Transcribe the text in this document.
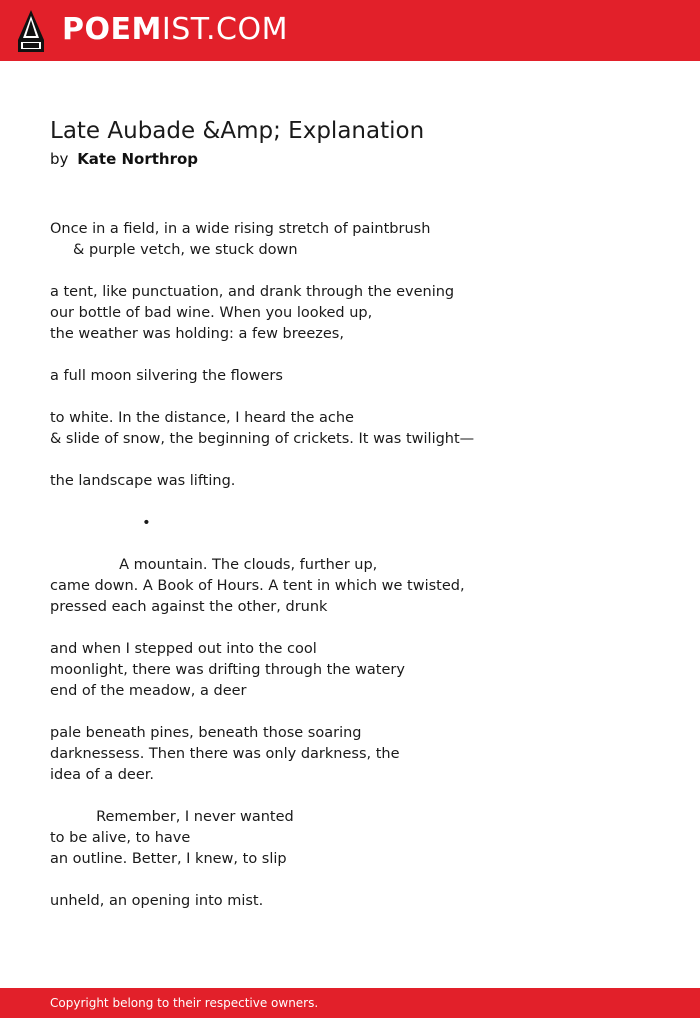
POEMIST.COM
Late Aubade &Amp; Explanation
by Kate Northrop
Once in a field, in a wide rising stretch of paintbrush
& purple vetch, we stuck down
a tent, like punctuation, and drank through the evening
our bottle of bad wine. When you looked up,
the weather was holding: a few breezes,
a full moon silvering the flowers
to white. In the distance, I heard the ache
& slide of snow, the beginning of crickets. It was twilight—
the landscape was lifting.
•
A mountain. The clouds, further up,
came down. A Book of Hours. A tent in which we twisted,
pressed each against the other, drunk
and when I stepped out into the cool
moonlight, there was drifting through the watery
end of the meadow, a deer
pale beneath pines, beneath those soaring
darknessess. Then there was only darkness, the
idea of a deer.
Remember, I never wanted
to be alive, to have
an outline. Better, I knew, to slip
unheld, an opening into mist.
Copyright belong to their respective owners.
